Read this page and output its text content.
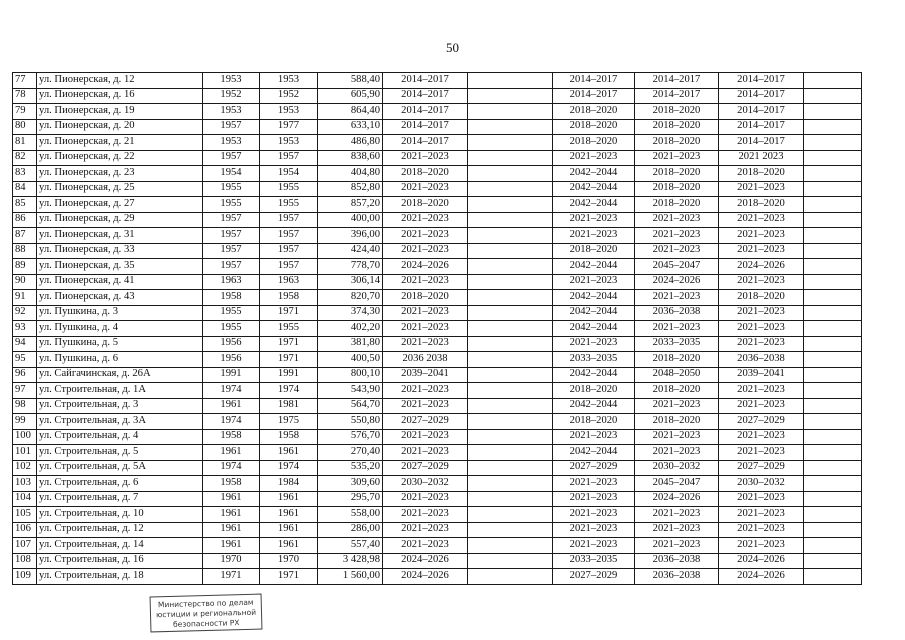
50
77	ул. Пионерская, д. 12	1953	1953	588,40	2014–2017		2014–2017	2014–2017	2014–2017	
78	ул. Пионерская, д. 16	1952	1952	605,90	2014–2017		2014–2017	2014–2017	2014–2017	
79	ул. Пионерская, д. 19	1953	1953	864,40	2014–2017		2018–2020	2018–2020	2014–2017	
80	ул. Пионерская, д. 20	1957	1977	633,10	2014–2017		2018–2020	2018–2020	2014–2017	
81	ул. Пионерская, д. 21	1953	1953	486,80	2014–2017		2018–2020	2018–2020	2014–2017	
82	ул. Пионерская, д. 22	1957	1957	838,60	2021–2023		2021–2023	2021–2023	2021 2023	
83	ул. Пионерская, д. 23	1954	1954	404,80	2018–2020		2042–2044	2018–2020	2018–2020	
84	ул. Пионерская, д. 25	1955	1955	852,80	2021–2023		2042–2044	2018–2020	2021–2023	
85	ул. Пионерская, д. 27	1955	1955	857,20	2018–2020		2042–2044	2018–2020	2018–2020	
86	ул. Пионерская, д. 29	1957	1957	400,00	2021–2023		2021–2023	2021–2023	2021–2023	
87	ул. Пионерская, д. 31	1957	1957	396,00	2021–2023		2021–2023	2021–2023	2021–2023	
88	ул. Пионерская, д. 33	1957	1957	424,40	2021–2023		2018–2020	2021–2023	2021–2023	
89	ул. Пионерская, д. 35	1957	1957	778,70	2024–2026		2042–2044	2045–2047	2024–2026	
90	ул. Пионерская, д. 41	1963	1963	306,14	2021–2023		2021–2023	2024–2026	2021–2023	
91	ул. Пионерская, д. 43	1958	1958	820,70	2018–2020		2042–2044	2021–2023	2018–2020	
92	ул. Пушкина, д. 3	1955	1971	374,30	2021–2023		2042–2044	2036–2038	2021–2023	
93	ул. Пушкина, д. 4	1955	1955	402,20	2021–2023		2042–2044	2021–2023	2021–2023	
94	ул. Пушкина, д. 5	1956	1971	381,80	2021–2023		2021–2023	2033–2035	2021–2023	
95	ул. Пушкина, д. 6	1956	1971	400,50	2036 2038		2033–2035	2018–2020	2036–2038	
96	ул. Сайгачинская, д. 26А	1991	1991	800,10	2039–2041		2042–2044	2048–2050	2039–2041	
97	ул. Строительная, д. 1А	1974	1974	543,90	2021–2023		2018–2020	2018–2020	2021–2023	
98	ул. Строительная, д. 3	1961	1981	564,70	2021–2023		2042–2044	2021–2023	2021–2023	
99	ул. Строительная, д. 3А	1974	1975	550,80	2027–2029		2018–2020	2018–2020	2027–2029	
100	ул. Строительная, д. 4	1958	1958	576,70	2021–2023		2021–2023	2021–2023	2021–2023	
101	ул. Строительная, д. 5	1961	1961	270,40	2021–2023		2042–2044	2021–2023	2021–2023	
102	ул. Строительная, д. 5А	1974	1974	535,20	2027–2029		2027–2029	2030–2032	2027–2029	
103	ул. Строительная, д. 6	1958	1984	309,60	2030–2032		2021–2023	2045–2047	2030–2032	
104	ул. Строительная, д. 7	1961	1961	295,70	2021–2023		2021–2023	2024–2026	2021–2023	
105	ул. Строительная, д. 10	1961	1961	558,00	2021–2023		2021–2023	2021–2023	2021–2023	
106	ул. Строительная, д. 12	1961	1961	286,00	2021–2023		2021–2023	2021–2023	2021–2023	
107	ул. Строительная, д. 14	1961	1961	557,40	2021–2023		2021–2023	2021–2023	2021–2023	
108	ул. Строительная, д. 16	1970	1970	3 428,98	2024–2026		2033–2035	2036–2038	2024–2026	
109	ул. Строительная, д. 18	1971	1971	1 560,00	2024–2026		2027–2029	2036–2038	2024–2026	
Министерство по делам
юстиции и региональной
безопасности РХ
